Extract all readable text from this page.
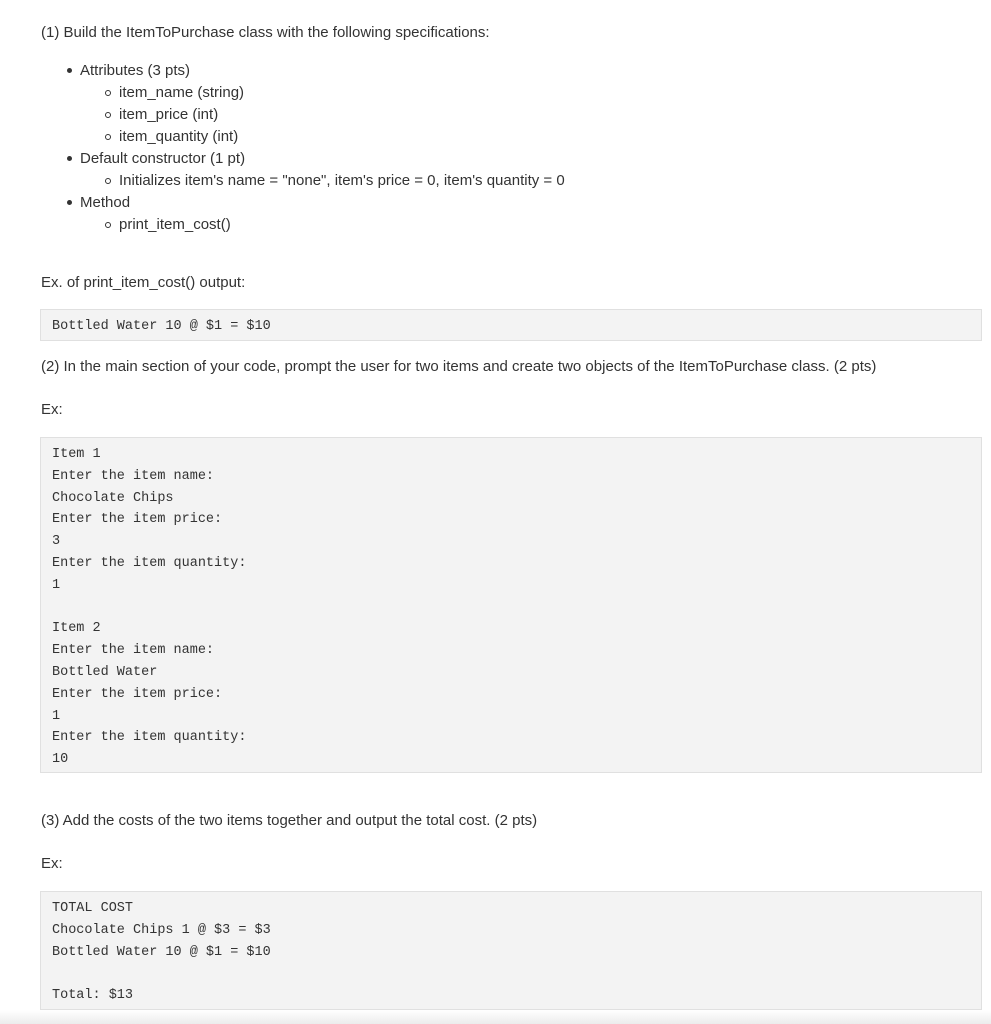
(1) Build the ItemToPurchase class with the following specifications:

Attributes (3 pts)
item_name (string)
item_price (int)
item_quantity (int)
Default constructor (1 pt)
Initializes item's name = "none", item's price = 0, item's quantity = 0
Method
print_item_cost()

Ex. of print_item_cost() output:

Bottled Water 10 @ $1 = $10

(2) In the main section of your code, prompt the user for two items and create two objects of the ItemToPurchase class. (2 pts)

Ex:

Item 1
Enter the item name:
Chocolate Chips
Enter the item price:
3
Enter the item quantity:
1
Item 2
Enter the item name:
Bottled Water
Enter the item price:
1
Enter the item quantity:
10

(3) Add the costs of the two items together and output the total cost. (2 pts)

Ex:

TOTAL COST
Chocolate Chips 1 @ $3 = $3
Bottled Water 10 @ $1 = $10
Total: $13
